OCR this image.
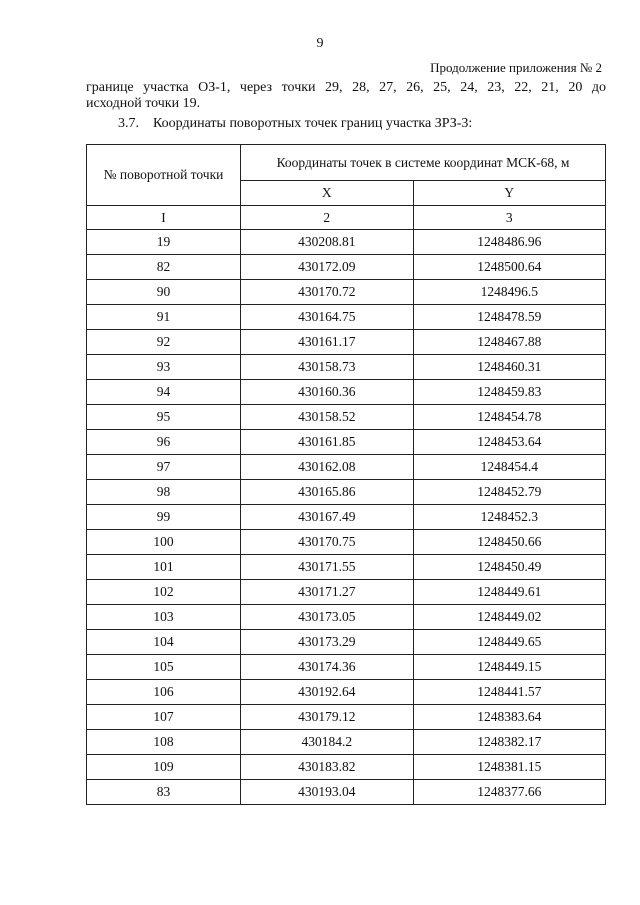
9
Продолжение приложения № 2
границе участка ОЗ-1, через точки 29, 28, 27, 26, 25, 24, 23, 22, 21, 20 до
исходной точки 19.
3.7. Координаты поворотных точек границ участка ЗРЗ-3:
№ поворотной точки	Координаты точек в системе координат МСК-68, м	
	X	Y
I	2	3
19	430208.81	1248486.96
82	430172.09	1248500.64
90	430170.72	1248496.5
91	430164.75	1248478.59
92	430161.17	1248467.88
93	430158.73	1248460.31
94	430160.36	1248459.83
95	430158.52	1248454.78
96	430161.85	1248453.64
97	430162.08	1248454.4
98	430165.86	1248452.79
99	430167.49	1248452.3
100	430170.75	1248450.66
101	430171.55	1248450.49
102	430171.27	1248449.61
103	430173.05	1248449.02
104	430173.29	1248449.65
105	430174.36	1248449.15
106	430192.64	1248441.57
107	430179.12	1248383.64
108	430184.2	1248382.17
109	430183.82	1248381.15
83	430193.04	1248377.66
